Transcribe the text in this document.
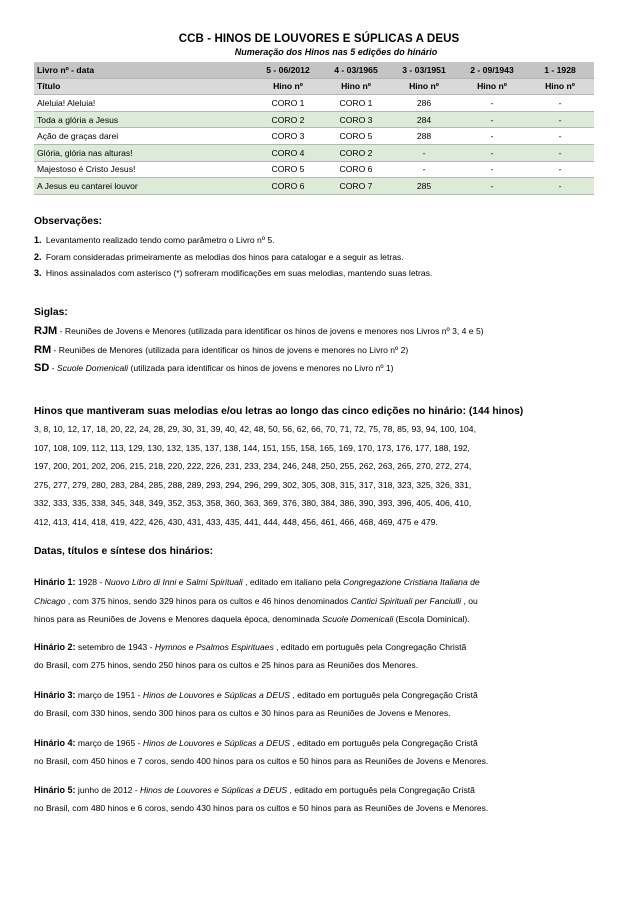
CCB - HINOS DE LOUVORES E SÚPLICAS A DEUS
Numeração dos Hinos nas 5 edições do hinário
Livro nº - data	5 - 06/2012	4 - 03/1965	3 - 03/1951	2 - 09/1943	1 - 1928
Título	Hino nº	Hino nº	Hino nº	Hino nº	Hino nº
Aleluia! Aleluia!	CORO 1	CORO 1	286	-	-
Toda a glória a Jesus	CORO 2	CORO 3	284	-	-
Ação de graças darei	CORO 3	CORO 5	288	-	-
Glória, glória nas alturas!	CORO 4	CORO 2	-	-	-
Majestoso é Cristo Jesus!	CORO 5	CORO 6	-	-	-
A Jesus eu cantarei louvor	CORO 6	CORO 7	285	-	-
Observações:
1. Levantamento realizado tendo como parâmetro o Livro nº 5.
2. Foram consideradas primeiramente as melodias dos hinos para catalogar e a seguir as letras.
3. Hinos assinalados com asterisco (*) sofreram modificações em suas melodias, mantendo suas letras.
Siglas:
RJM - Reuniões de Jovens e Menores (utilizada para identificar os hinos de jovens e menores nos Livros nº 3, 4 e 5)
RM - Reuniões de Menores (utilizada para identificar os hinos de jovens e menores no Livro nº 2)
SD - Scuole Domenicali (utilizada para identificar os hinos de jovens e menores no Livro nº 1)
Hinos que mantiveram suas melodias e/ou letras ao longo das cinco edições no hinário: (144 hinos)
3, 8, 10, 12, 17, 18, 20, 22, 24, 28, 29, 30, 31, 39, 40, 42, 48, 50, 56, 62, 66, 70, 71, 72, 75, 78, 85, 93, 94, 100, 104,
107, 108, 109, 112, 113, 129, 130, 132, 135, 137, 138, 144, 151, 155, 158, 165, 169, 170, 173, 176, 177, 188, 192,
197, 200, 201, 202, 206, 215, 218, 220, 222, 226, 231, 233, 234, 246, 248, 250, 255, 262, 263, 265, 270, 272, 274,
275, 277, 279, 280, 283, 284, 285, 288, 289, 293, 294, 296, 299, 302, 305, 308, 315, 317, 318, 323, 325, 326, 331,
332, 333, 335, 338, 345, 348, 349, 352, 353, 358, 360, 363, 369, 376, 380, 384, 386, 390, 393, 396, 405, 406, 410,
412, 413, 414, 418, 419, 422, 426, 430, 431, 433, 435, 441, 444, 448, 456, 461, 466, 468, 469, 475 e 479.
Datas, títulos e síntese dos hinários:
Hinário 1: 1928 - Nuovo Libro di Inni e Salmi Spirituali , editado em italiano pela Congregazione Cristiana Italiana de
Chicago , com 375 hinos, sendo 329 hinos para os cultos e 46 hinos denominados Cantici Spirituali per Fanciulli , ou
hinos para as Reuniões de Jovens e Menores daquela época, denominada Scuole Domenicali (Escola Dominical).
Hinário 2: setembro de 1943 - Hymnos e Psalmos Espirituaes , editado em português pela Congregação Christã
do Brasil, com 275 hinos, sendo 250 hinos para os cultos e 25 hinos para as Reuniões dos Menores.
Hinário 3: março de 1951 - Hinos de Louvores e Súplicas a DEUS , editado em português pela Congregação Cristã
do Brasil, com 330 hinos, sendo 300 hinos para os cultos e 30 hinos para as Reuniões de Jovens e Menores.
Hinário 4: março de 1965 - Hinos de Louvores e Súplicas a DEUS , editado em português pela Congregação Cristã
no Brasil, com 450 hinos e 7 coros, sendo 400 hinos para os cultos e 50 hinos para as Reuniões de Jovens e Menores.
Hinário 5: junho de 2012 - Hinos de Louvores e Súplicas a DEUS , editado em português pela Congregação Cristã
no Brasil, com 480 hinos e 6 coros, sendo 430 hinos para os cultos e 50 hinos para as Reuniões de Jovens e Menores.
